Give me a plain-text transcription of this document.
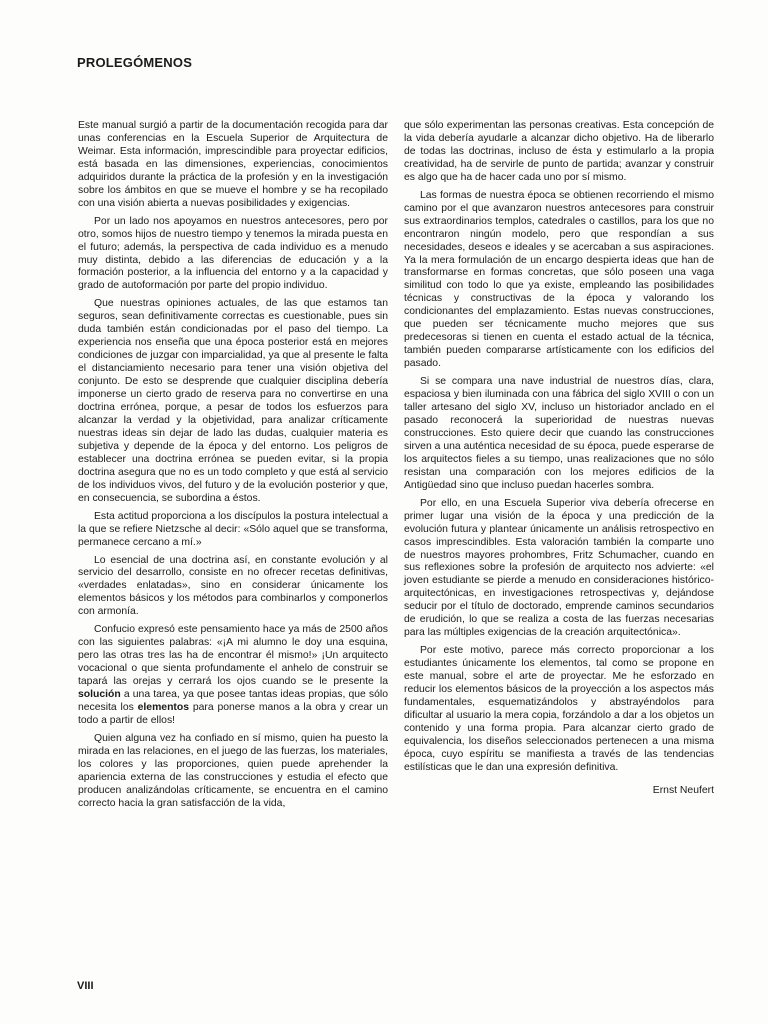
PROLEGÓMENOS

Este manual surgió a partir de la documentación recogida para dar unas conferencias en la Escuela Superior de Arquitectura de Weimar. Esta información, imprescindible para proyectar edificios, está basada en las dimensiones, experiencias, conocimientos adquiridos durante la práctica de la profesión y en la investigación sobre los ámbitos en que se mueve el hombre y se ha recopilado con una visión abierta a nuevas posibilidades y exigencias.

Por un lado nos apoyamos en nuestros antecesores, pero por otro, somos hijos de nuestro tiempo y tenemos la mirada puesta en el futuro; además, la perspectiva de cada individuo es a menudo muy distinta, debido a las diferencias de educación y a la formación posterior, a la influencia del entorno y a la capacidad y grado de autoformación por parte del propio individuo.

Que nuestras opiniones actuales, de las que estamos tan seguros, sean definitivamente correctas es cuestionable, pues sin duda también están condicionadas por el paso del tiempo. La experiencia nos enseña que una época posterior está en mejores condiciones de juzgar con imparcialidad, ya que al presente le falta el distanciamiento necesario para tener una visión objetiva del conjunto. De esto se desprende que cualquier disciplina debería imponerse un cierto grado de reserva para no convertirse en una doctrina errónea, porque, a pesar de todos los esfuerzos para alcanzar la verdad y la objetividad, para analizar críticamente nuestras ideas sin dejar de lado las dudas, cualquier materia es subjetiva y depende de la época y del entorno. Los peligros de establecer una doctrina errónea se pueden evitar, si la propia doctrina asegura que no es un todo completo y que está al servicio de los individuos vivos, del futuro y de la evolución posterior y que, en consecuencia, se subordina a éstos.

Esta actitud proporciona a los discípulos la postura intelectual a la que se refiere Nietzsche al decir: «Sólo aquel que se transforma, permanece cercano a mí.»

Lo esencial de una doctrina así, en constante evolución y al servicio del desarrollo, consiste en no ofrecer recetas definitivas, «verdades enlatadas», sino en considerar únicamente los elementos básicos y los métodos para combinarlos y componerlos con armonía.

Confucio expresó este pensamiento hace ya más de 2500 años con las siguientes palabras: «¡A mi alumno le doy una esquina, pero las otras tres las ha de encontrar él mismo!» ¡Un arquitecto vocacional o que sienta profundamente el anhelo de construir se tapará las orejas y cerrará los ojos cuando se le presente la solución a una tarea, ya que posee tantas ideas propias, que sólo necesita los elementos para ponerse manos a la obra y crear un todo a partir de ellos!

Quien alguna vez ha confiado en sí mismo, quien ha puesto la mirada en las relaciones, en el juego de las fuerzas, los materiales, los colores y las proporciones, quien puede aprehender la apariencia externa de las construcciones y estudia el efecto que producen analizándolas críticamente, se encuentra en el camino correcto hacia la gran satisfacción de la vida,

que sólo experimentan las personas creativas. Esta concepción de la vida debería ayudarle a alcanzar dicho objetivo. Ha de liberarlo de todas las doctrinas, incluso de ésta y estimularlo a la propia creatividad, ha de servirle de punto de partida; avanzar y construir es algo que ha de hacer cada uno por sí mismo.

Las formas de nuestra época se obtienen recorriendo el mismo camino por el que avanzaron nuestros antecesores para construir sus extraordinarios templos, catedrales o castillos, para los que no encontraron ningún modelo, pero que respondían a sus necesidades, deseos e ideales y se acercaban a sus aspiraciones. Ya la mera formulación de un encargo despierta ideas que han de transformarse en formas concretas, que sólo poseen una vaga similitud con todo lo que ya existe, empleando las posibilidades técnicas y constructivas de la época y valorando los condicionantes del emplazamiento. Estas nuevas construcciones, que pueden ser técnicamente mucho mejores que sus predecesoras si tienen en cuenta el estado actual de la técnica, también pueden compararse artísticamente con los edificios del pasado.

Si se compara una nave industrial de nuestros días, clara, espaciosa y bien iluminada con una fábrica del siglo XVIII o con un taller artesano del siglo XV, incluso un historiador anclado en el pasado reconocerá la superioridad de nuestras nuevas construcciones. Esto quiere decir que cuando las construcciones sirven a una auténtica necesidad de su época, puede esperarse de los arquitectos fieles a su tiempo, unas realizaciones que no sólo resistan una comparación con los mejores edificios de la Antigüedad sino que incluso puedan hacerles sombra.

Por ello, en una Escuela Superior viva debería ofrecerse en primer lugar una visión de la época y una predicción de la evolución futura y plantear únicamente un análisis retrospectivo en casos imprescindibles. Esta valoración también la comparte uno de nuestros mayores prohombres, Fritz Schumacher, cuando en sus reflexiones sobre la profesión de arquitecto nos advierte: «el joven estudiante se pierde a menudo en consideraciones histórico-arquitectónicas, en investigaciones retrospectivas y, dejándose seducir por el título de doctorado, emprende caminos secundarios de erudición, lo que se realiza a costa de las fuerzas necesarias para las múltiples exigencias de la creación arquitectónica».

Por este motivo, parece más correcto proporcionar a los estudiantes únicamente los elementos, tal como se propone en este manual, sobre el arte de proyectar. Me he esforzado en reducir los elementos básicos de la proyección a los aspectos más fundamentales, esquematizándolos y abstrayéndolos para dificultar al usuario la mera copia, forzándolo a dar a los objetos un contenido y una forma propia. Para alcanzar cierto grado de equivalencia, los diseños seleccionados pertenecen a una misma época, cuyo espíritu se manifiesta a través de las tendencias estilísticas que le dan una expresión definitiva.

Ernst Neufert
VIII
